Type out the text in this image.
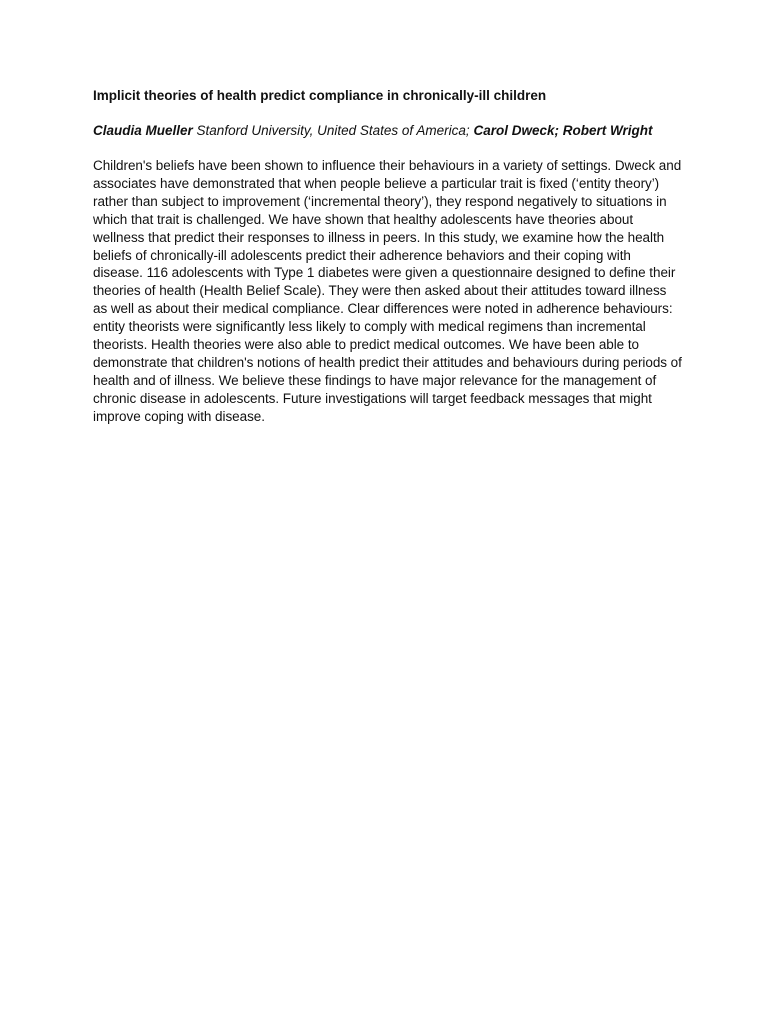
Implicit theories of health predict compliance in chronically-ill children
Claudia Mueller Stanford University, United States of America; Carol Dweck; Robert Wright

Children's beliefs have been shown to influence their behaviours in a variety of settings. Dweck and associates have demonstrated that when people believe a particular trait is fixed (‘entity theory’) rather than subject to improvement (‘incremental theory’), they respond negatively to situations in which that trait is challenged. We have shown that healthy adolescents have theories about wellness that predict their responses to illness in peers. In this study, we examine how the health beliefs of chronically-ill adolescents predict their adherence behaviors and their coping with disease. 116 adolescents with Type 1 diabetes were given a questionnaire designed to define their theories of health (Health Belief Scale). They were then asked about their attitudes toward illness as well as about their medical compliance. Clear differences were noted in adherence behaviours: entity theorists were significantly less likely to comply with medical regimens than incremental theorists. Health theories were also able to predict medical outcomes. We have been able to demonstrate that children's notions of health predict their attitudes and behaviours during periods of health and of illness. We believe these findings to have major relevance for the management of chronic disease in adolescents. Future investigations will target feedback messages that might improve coping with disease.
